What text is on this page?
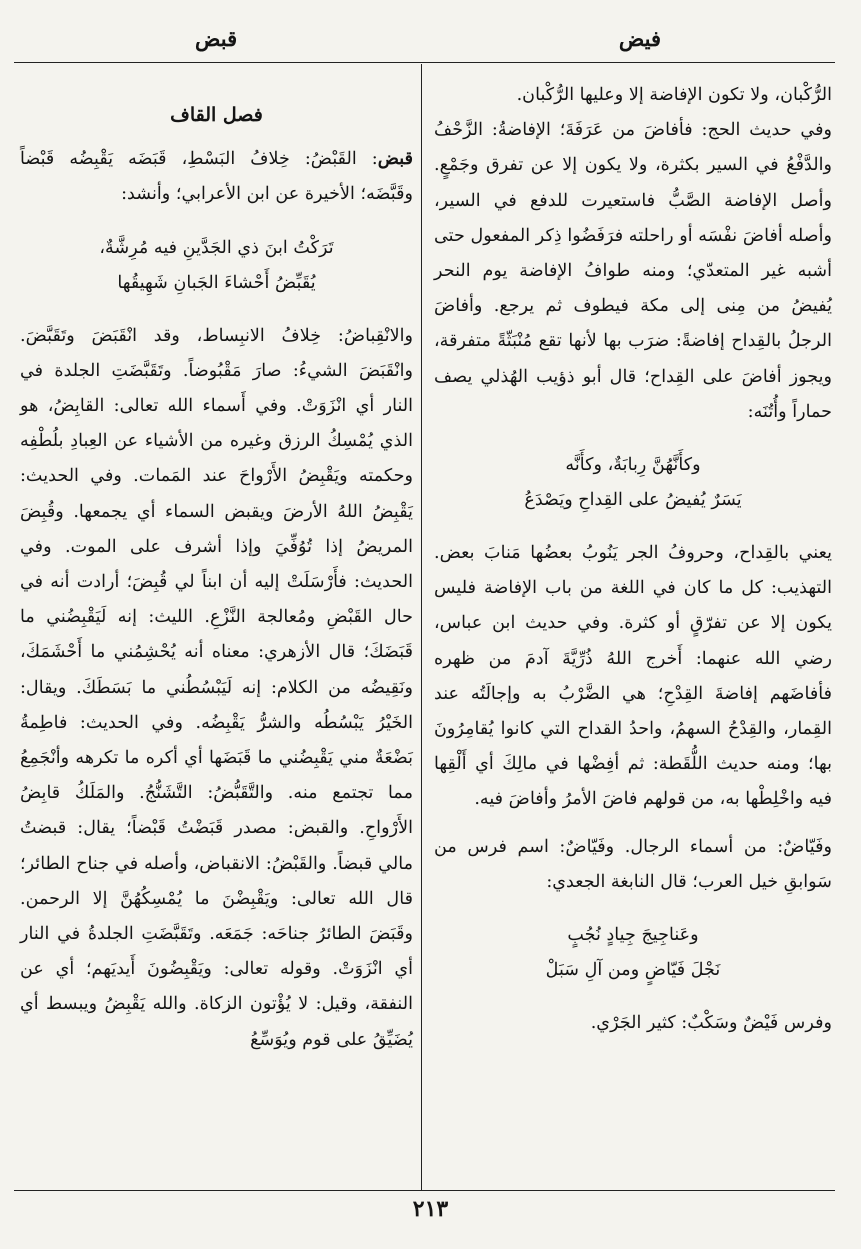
فيض
قبض

الرُّكْبان، ولا تكون الإفاضة إلا وعليها الرُّكْبان.

وفي حديث الحج: فأفاضَ من عَرَفَةَ؛ الإفاضةُ: الزَّحْفُ والدَّفْعُ في السير بكثرة، ولا يكون إلا عن تفرق وجَمْعٍ. وأصل الإفاضة الصَّبُّ فاستعيرت للدفع في السير، وأصله أفاضَ نفْسَه أو راحلته فرَفَضُوا ذِكر المفعول حتى أشبه غير المتعدّي؛ ومنه طوافُ الإفاضة يوم النحر يُفيضُ من مِنى إلى مكة فيطوف ثم يرجع. وأفاضَ الرجلُ بالقِداح إفاضةً: ضرَب بها لأنها تقع مُنْبَثّةً متفرقة، ويجوز أفاضَ على القِداح؛ قال أبو ذؤيب الهُذلي يصف حماراً وأُتُنَه:

وكأَنَّهُنَّ رِبابَةٌ، وكأَنَّه
يَسَرٌ يُفيضُ على القِداحِ ويَصْدَعُ

يعني بالقِداح، وحروفُ الجر يَنُوبُ بعضُها مَنابَ بعض. التهذيب: كل ما كان في اللغة من باب الإفاضة فليس يكون إلا عن تفرّقٍ أو كثرة. وفي حديث ابن عباس، رضي الله عنهما: أَخرج اللهُ ذُرِّيَّةَ آدمَ من ظهره فأفاضَهم إفاضةَ القِدْحِ؛ هي الضَّرْبُ به وإجالَتُه عند القِمار، والقِدْحُ السهمُ، واحدُ القداح التي كانوا يُقامِرُونَ بها؛ ومنه حديث اللُّقَطة: ثم أفِضْها في مالِكَ أي أَلْقِها فيه واخْلِطْها به، من قولهم فاضَ الأمرُ وأفاضَ فيه.

وفَيّاضٌ: من أسماء الرجال. وفَيّاضٌ: اسم فرس من سَوابقِ خيل العرب؛ قال النابغة الجعدي:

وعَناجِيجَ جِيادٍ نُجُبٍ
نَجْلَ فَيّاضٍ ومن آلِ سَبَلْ

وفرس فَيْضٌ وسَكْبٌ: كثير الجَرْي.

فصل القاف

قبض: القَبْضُ: خِلافُ البَسْطِ، قَبَضَه يَقْبِضُه قَبْضاً وقَبَّضَه؛ الأخيرة عن ابن الأعرابي؛ وأنشد:

تَرَكْتُ ابنَ ذي الجَدَّينِ فيه مُرِشَّةٌ،
يُقَبِّضُ أَحْشاءَ الجَبانِ شَهِيقُها

والانْقِباضُ: خِلافُ الانبِساط، وقد انْقَبَضَ وتَقَبَّضَ. وانْقَبَضَ الشيءُ: صارَ مَقْبُوضاً. وتَقَبَّضَتِ الجلدة في النار أي انْزَوَتْ. وفي أَسماء الله تعالى: القابِضُ، هو الذي يُمْسِكُ الرزق وغيره من الأشياء عن العِبادِ بلُطْفِه وحكمته ويَقْبِضُ الأَرْواحَ عند المَمات. وفي الحديث: يَقْبِضُ اللهُ الأرضَ ويقبض السماء أي يجمعها. وقُبِضَ المريضُ إذا تُوُفِّيَ وإذا أشرف على الموت. وفي الحديث: فأَرْسَلَتْ إليه أن ابناً لي قُبِضَ؛ أرادت أنه في حال القَبْضِ ومُعالجة النَّزْعِ. الليث: إنه لَيَقْبِضُني ما قَبَضَكَ؛ قال الأزهري: معناه أنه يُحْشِمُني ما أَحْشَمَكَ، ونَقِيضُه من الكلام: إنه لَيَبْسُطُني ما بَسَطَكَ. ويقال: الخَيْرُ يَبْسُطُه والشرُّ يَقْبِضُه. وفي الحديث: فاطِمةُ بَضْعَةٌ مني يَقْبِضُني ما قَبَضَها أي أكره ما تكرهه وأنْجَمِعُ مما تجتمع منه. والتَّقَبُّضُ: التَّشَنُّجُ. والمَلَكُ قابِضُ الأَرْواحِ. والقبض: مصدر قَبَضْتُ قَبْضاً؛ يقال: قبضتُ مالي قبضاً. والقَبْضُ: الانقباض، وأصله في جناح الطائر؛ قال الله تعالى: ويَقْبِضْنَ ما يُمْسِكُهُنَّ إلا الرحمن. وقَبَضَ الطائرُ جناحَه: جَمَعَه. وتَقَبَّضَتِ الجلدةُ في النار أي انْزَوَتْ. وقوله تعالى: ويَقْبِضُونَ أَيديَهم؛ أي عن النفقة، وقيل: لا يُؤْتون الزكاة. والله يَقْبِضُ ويبسط أي يُضَيِّقُ على قوم ويُوَسِّعُ

٢١٣
